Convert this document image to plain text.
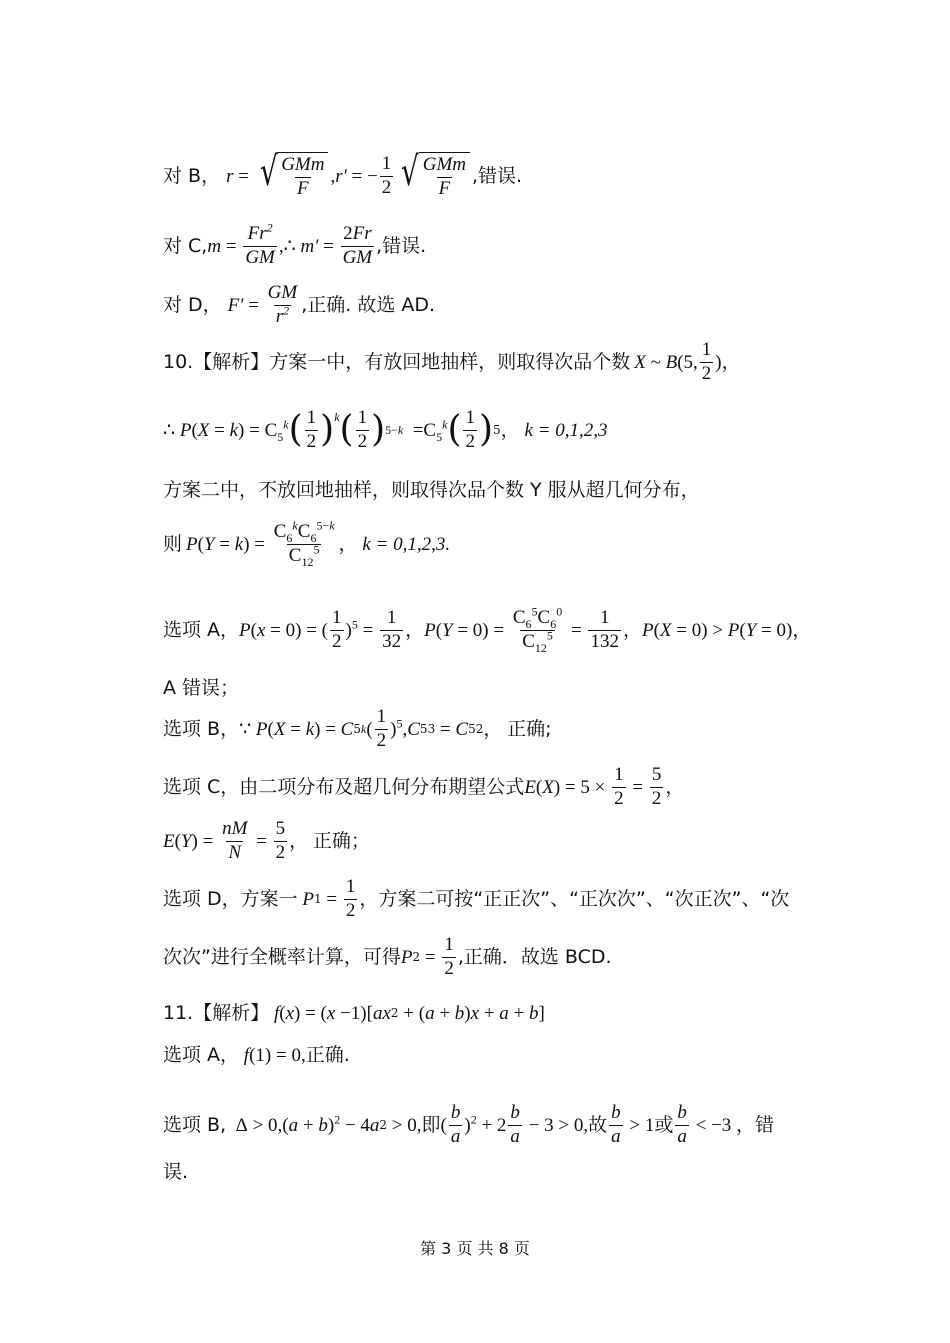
对 B， r = √ $\frac{\text{GMm}}{F}$ , r′ = − $\frac{1}{2}$ √ $\frac{\text{GMm}}{F}$ ,错误.
对 C, $m = \frac{Fr^2}{GM}$ ,∴ $m' = \frac{2Fr}{GM}$ ,错误.
对 D， $F' = \frac{GM}{r^2}$ ,正确. 故选 AD.
10.【解析】方案一中，有放回地抽样，则取得次品个数 X ~ B (5, $\frac{1}{2}$ )，
∴ P ( X = k ) = $C_5^k$ ( $\frac{1}{2}$ ) k ( $\frac{1}{2}$ ) $5-k =C_5^k$ ( $\frac{1}{2}$ ) 5 ， k = 0,1,2,3
方案二中，不放回地抽样，则取得次品个数 Y 服从超几何分布，
则 P ( Y = k ) = $\frac{C_6^kC_6^{5-k}}{C_{12}^5}$ ， k = 0,1,2,3.
选项 A， P ( x = 0) = ( $\frac{1}{2} )^5 = \frac{1}{32}$ ， P ( $Y = 0) = \frac{C_6^5C_6^0}{C_{12}^5} = \frac{1}{132}$ ， P ( X = 0) > P ( Y = 0)，
A 错误；
选项 B， ∵ P ( X = k ) = C 5 k ( $\frac{1}{2} )^5$, C 5 3 = C 5 2 ， 正确;
选项 C，由二项分布及超几何分布期望公式 E ( X ) = $5 \times \frac{1}{2} = \frac{5}{2}$ ，
E ( Y ) = $\frac{nM}{N} = \frac{5}{2}$ ， 正确；
选项 D，方案一 P $1 = \frac{1}{2}$ ，方案二可按“正正次”、“正次次”、“次正次”、“次
次次”进行全概率计算，可得 P $2 = \frac{1}{2}$ ,正确．故选 BCD.
11.【解析】 f ( x ) = ( x −1)[ ax 2 + ( a + b ) x + a + b ]
选项 A， f (1) = 0, 正确.
选项 B, Δ > 0,( a + b )$^2$ − 4 a 2 > 0, 即 ( $\frac{b}{a} )^2 + 2 \frac{b}{a} - 3 > 0$, 故 $\frac{b}{a} > 1$ 或 $\frac{b}{a} < -3$ ，错
误.
第 3 页 共 8 页
